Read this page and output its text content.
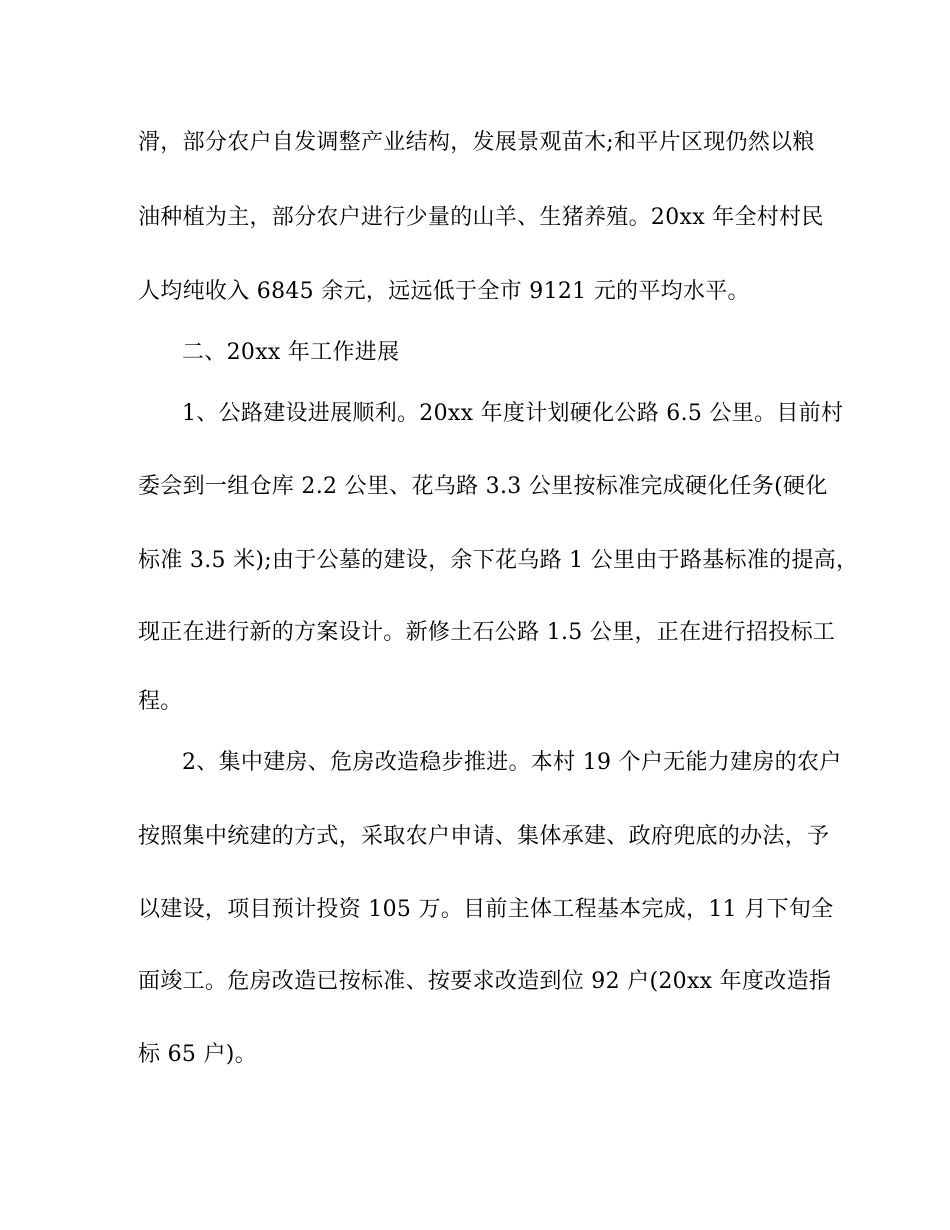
滑，部分农户自发调整产业结构，发展景观苗木;和平片区现仍然以粮
油种植为主，部分农户进行少量的山羊、生猪养殖。20xx 年全村村民
人均纯收入 6845 余元，远远低于全市 9121 元的平均水平。
二、20xx 年工作进展
1、公路建设进展顺利。20xx 年度计划硬化公路 6.5 公里。目前村
委会到一组仓库 2.2 公里、花乌路 3.3 公里按标准完成硬化任务(硬化
标准 3.5 米);由于公墓的建设，余下花乌路 1 公里由于路基标准的提高，
现正在进行新的方案设计。新修土石公路 1.5 公里，正在进行招投标工
程。
2、集中建房、危房改造稳步推进。本村 19 个户无能力建房的农户
按照集中统建的方式，采取农户申请、集体承建、政府兜底的办法，予
以建设，项目预计投资 105 万。目前主体工程基本完成，11 月下旬全
面竣工。危房改造已按标准、按要求改造到位 92 户(20xx 年度改造指
标 65 户)。
